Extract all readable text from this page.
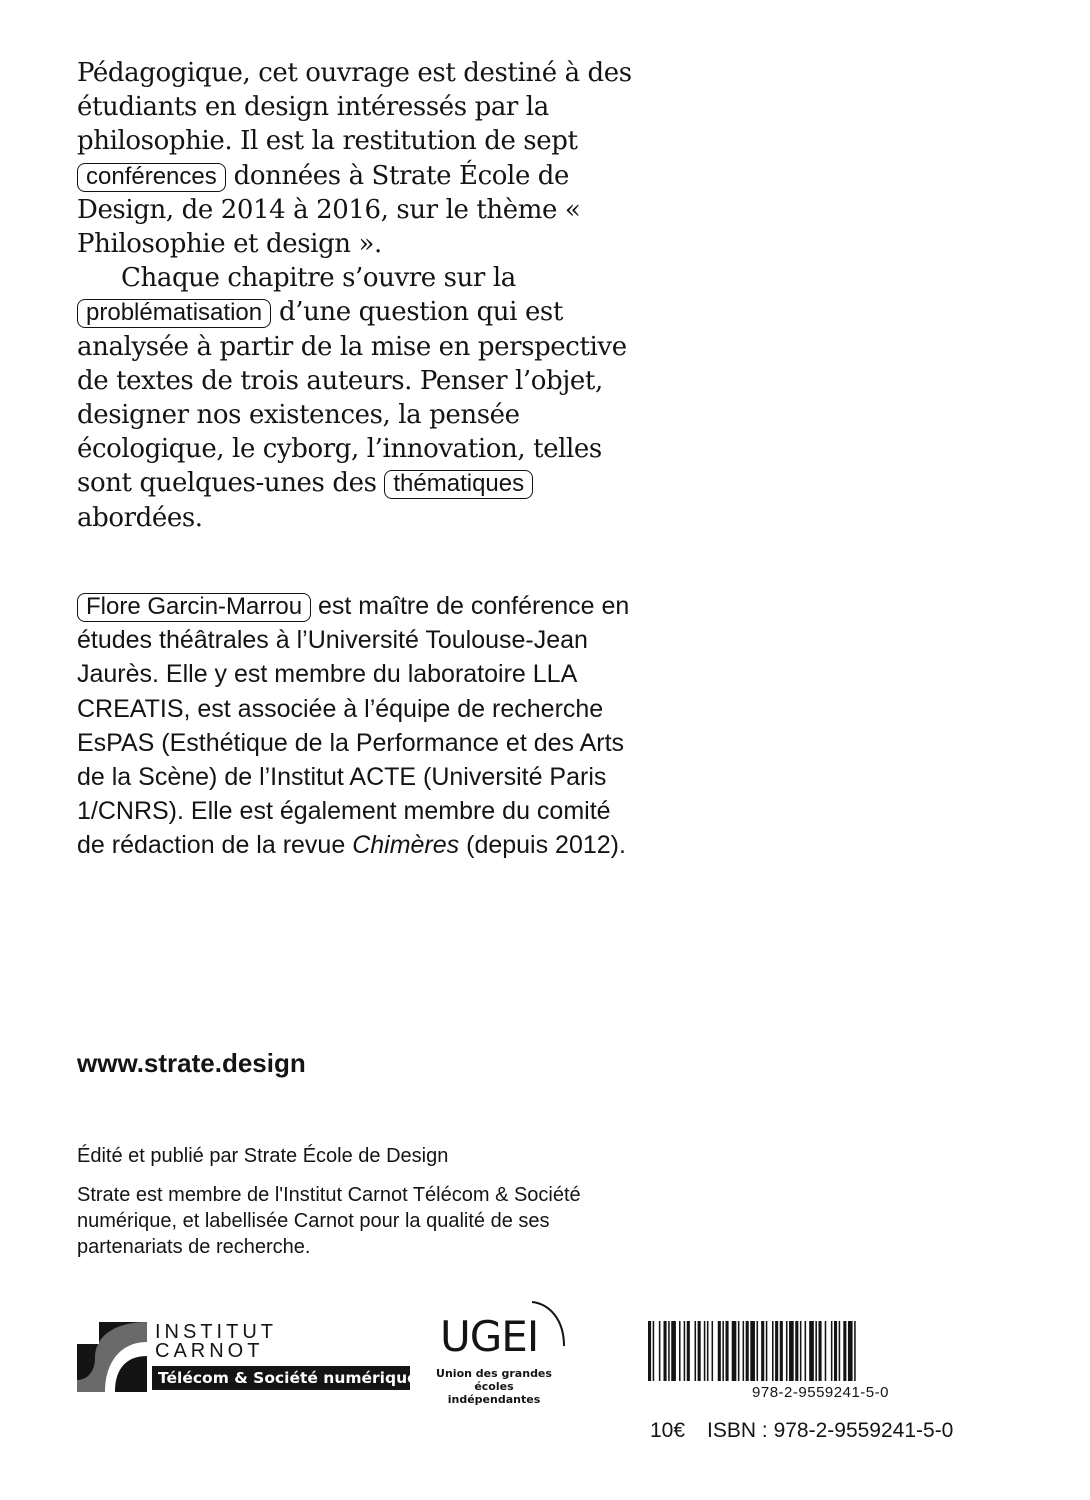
Pédagogique, cet ouvrage est destiné à des étudiants en design intéressés par la philosophie. Il est la restitution de sept conférences données à Strate École de Design, de 2014 à 2016, sur le thème « Philosophie et design ».

Chaque chapitre s’ouvre sur la problématisation d’une question qui est analysée à partir de la mise en perspective de textes de trois auteurs. Penser l’objet, designer nos existences, la pensée écologique, le cyborg, l’innovation, telles sont quelques-unes des thématiques abordées.

Flore Garcin-Marrou est maître de conférence en études théâtrales à l’Université Toulouse-Jean Jaurès. Elle y est membre du laboratoire LLA CREATIS, est associée à l’équipe de recherche EsPAS (Esthétique de la Performance et des Arts de la Scène) de l’Institut ACTE (Université Paris 1/CNRS). Elle est également membre du comité de rédaction de la revue Chimères (depuis 2012).

Édité et publié par Strate École de Design

Strate est membre de l'Institut Carnot Télécom & Société numérique, et labellisée Carnot pour la qualité de ses partenariats de recherche.

INSTITUT
CARNOT
Télécom & Société numérique
UGEI
Union des grandes
écoles indépendantes	978-2-9559241-5-0
www.strate.design
10€ ISBN : 978-2-9559241-5-0
